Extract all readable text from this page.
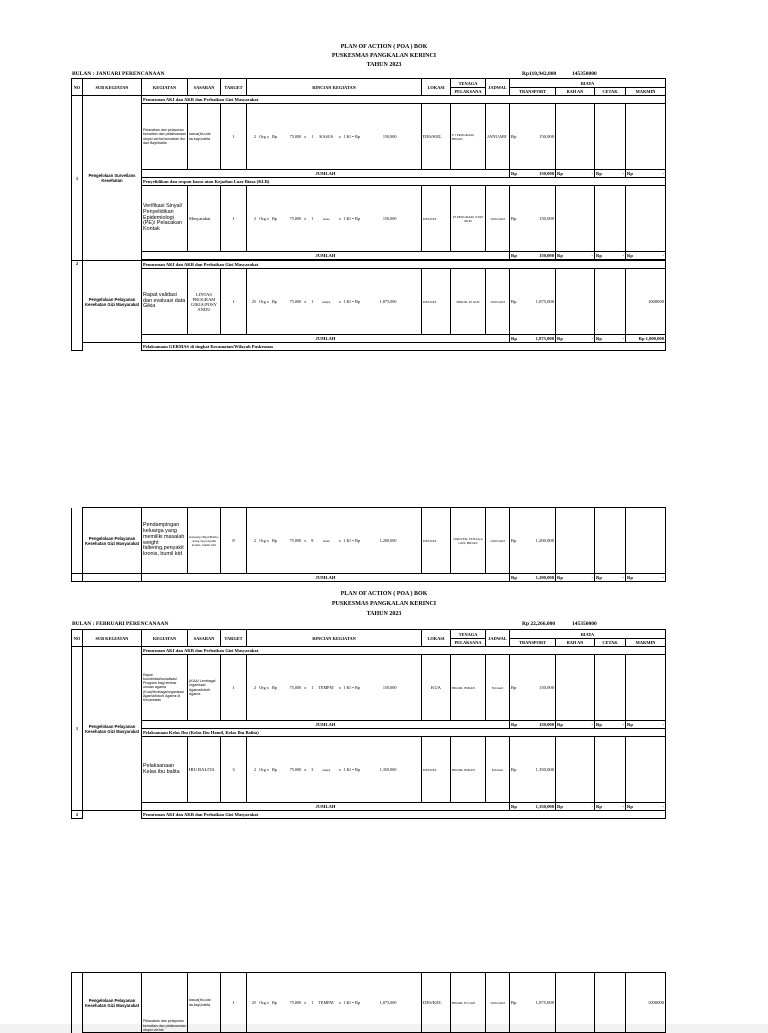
PLAN OF ACTION ( POA ) BOK
PUSKESMAS PANGKALAN KERINCI
TAHUN 2023
BULAN : JANUARI PERENCANAAN	Rp110,942,000	145350000
NO	SUB KEGIATAN	KEGIATAN	SASARAN	TARGET	RINCIAN KEGIATAN	LOKASI	TENAGA	JADWAL	BIAYA			
							PELAKSANA		TRANSPORT	BAH AN	CETAK	MAKMIN
1	Pengelolaan Surveilans Kesehatan	Penurunan AKI dan AKB dan Perbaikan Gizi Masyarakat										
		Pelacakan dan pelaporan kematian dan pelaksanaan otopsi verbal kematian ibu dan Bayi/balita	kasus(Ibu,bal ita,bayi,balita	1	2 Org x Rp 75,000 x 1 KASUS x 1 Kl = Rp 150,000	DES/KEL	P J PROGRAM, BIDAN	JANUARI	Rp 150,000			

		JUMLAH							Rp 150,000	Rp -	Rp -	Rp -

		Penyelidikan dan respon kasus atau Kejadian Luar Biasa (KLB)										
		Verifikasi Sinyal/ Penyelidikan Epidemiologi (PE)/ Pelacakan Kontak	Masyarakat	1	2 Org x Rp 75,000 x 1 kasus x 1 Kl = Rp 150,000	DES/KEL	PJ PROGRAM, STAF PKM	JANUARI	Rp 150,000			

		JUMLAH							Rp 150,000	Rp -	Rp -	Rp -

2	Pengelolaan Pelayanan Kesehatan Gizi Masyarakat	Penurunan AKI dan AKB dan Perbaikan Gizi Masyarakat										
		Rapat validasi dan evaluasi data Gikia	LINTAS PROGRAM GIKIA/POSY ANDU	1	25 Org x Rp 75,000 x 1 tempat x 1 Kl = Rp 1,875,000	DES/KEL	BIKOR, PJ GIZI	JANUARI	Rp 1,875,000			1000000
		JUMLAH							Rp 1,875,000	Rp -	Rp -	Rp 1,000,000
		Pelaksanaan GERMAS di tingkat Kecamatan/Wilayah Puskesmas										
	Pengelolaan Pelayanan Kesehatan Gizi Masyarakat	Pendampingan keluarga yang memiliki masalah weight faltering,penyakit kronis, bumil ktd	Keluarga Bayi/Balita, orang dg penyakit kronis, bumil risti	8	2 Org x Rp 75,000 x 8 kasus x 1 Kl = Rp 1,200,000	DES/KEL	DOKTER, TENAGA GIZI, BIDAN	JANUARI	Rp 1,200,000			

		JUMLAH							Rp 1,200,000	Rp -	Rp -	Rp -
PLAN OF ACTION ( POA ) BOK
PUSKESMAS PANGKALAN KERINCI
TAHUN 2023
BULAN : FEBRUARI PERENCANAAN	Rp 22,266,000	145350000
NO	SUB KEGIATAN	KEGIATAN	SASARAN	TARGET	RINCIAN KEGIATAN	LOKASI	TENAGA	JADWAL	BIAYA			
							PELAKSANA		TRANSPORT	BAH AN	CETAK	MAKMIN
1	Pengelolaan Pelayanan Kesehatan Gizi Masyarakat	Penurunan AKI dan AKB dan Perbaikan Gizi Masyarakat										
		Rapat koordinasi/sosialisasi Program bagi lembar urusan agama (Kua)/lembaga/organisasi Agama/tokoh Agama di Kecamatan	(KUA/ Lembaga/ organisasi Agama/tokoh Agama	1	2 Org x Rp 75,000 x 1 TEMPAT x 1 Kl = Rp 150,000	KUA	BIKOR, BIDAN	Februari	Rp 150,000			

		JUMLAH							Rp 150,000	Rp -	Rp -	Rp -

		Pelaksanaan Kelas Ibu (Kelas Ibu Hamil, Kelas Ibu Balita)										
		Pelaksanaan Kelas ibu balita	IBU BALITA	3	2 Org x Rp 75,000 x 3 tempat x 1 Kl = Rp 1,350,000	DES/KEL	BIKOR, BIDAN	Februari	Rp 1,350,000			

		JUMLAH							Rp 1,350,000	Rp -	Rp -	Rp -

2		Penurunan AKI dan AKB dan Perbaikan Gizi Masyarakat										
	Pengelolaan Pelayanan Kesehatan Gizi Masyarakat	Pelacakan dan pelaporan kematian dan pelaksanaan otopsi verbal	kasus(Ibu,bal ita,bayi,balita	1	25 Org x Rp	75,000 x 1 TEMPAT x 1 Kl = Rp	1,875,000	DES/KEL	BIKOR, PJ GIZI	JANUARI	Rp	1,875,000			1000000
